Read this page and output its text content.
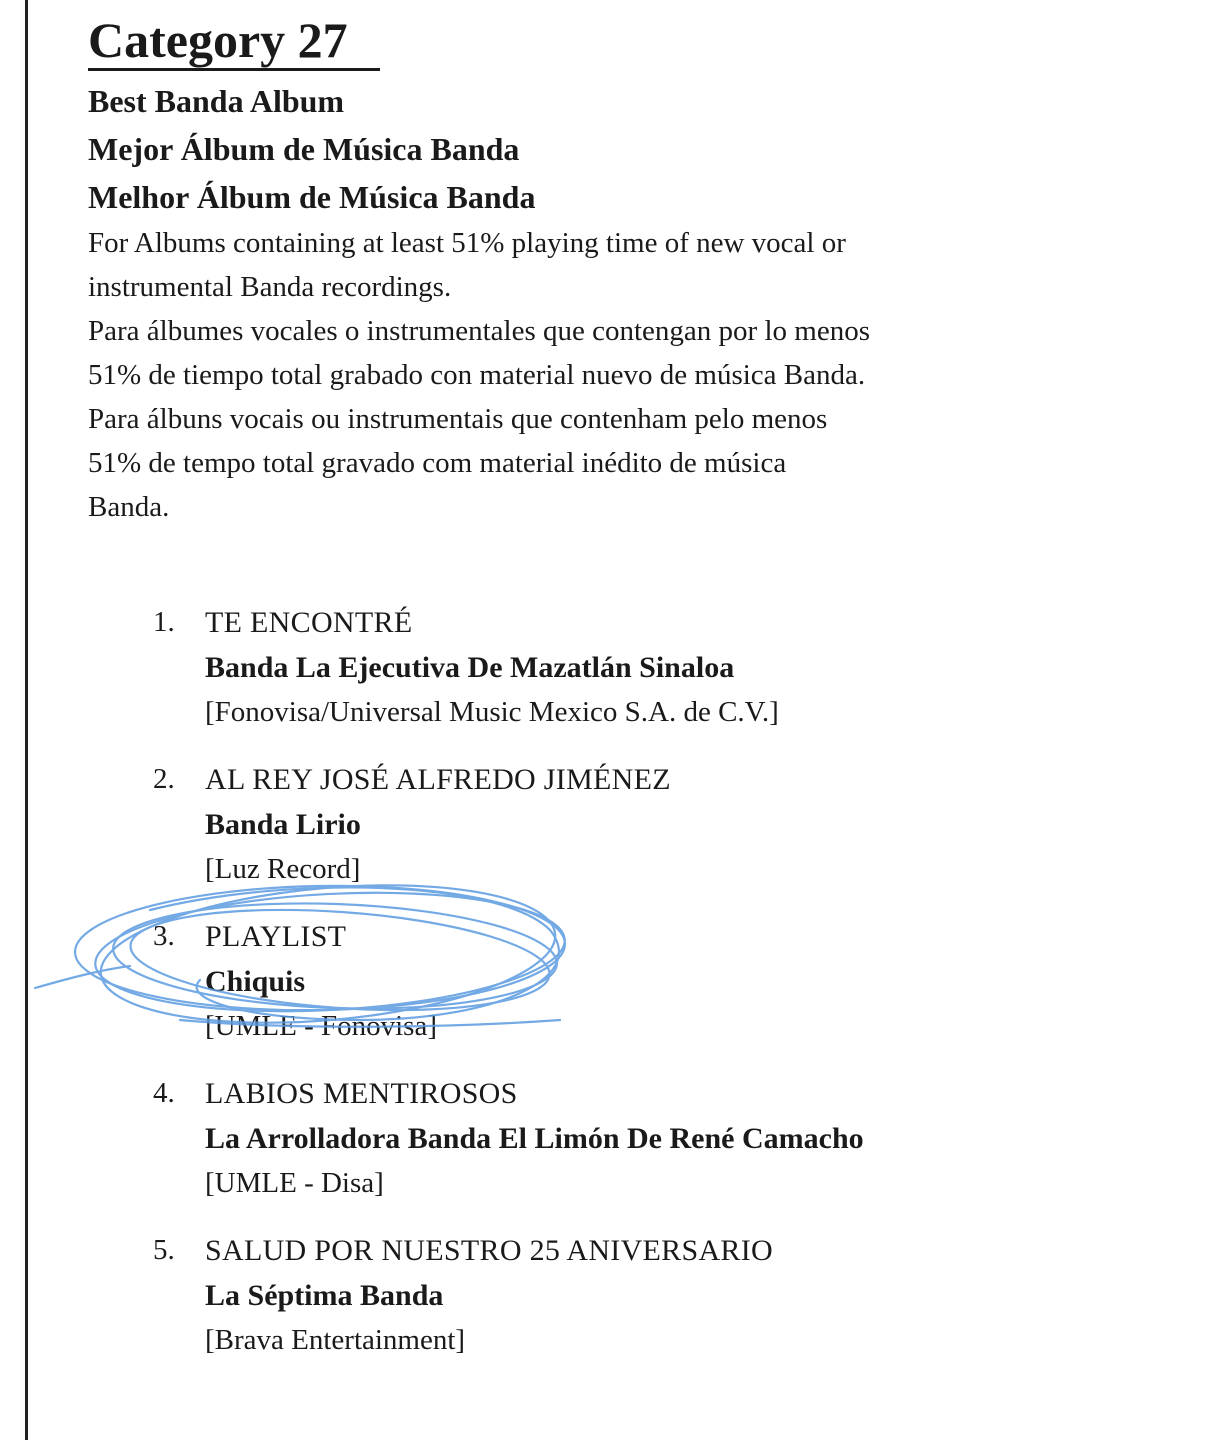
Category 27

Best Banda Album

Mejor Álbum de Música Banda

Melhor Álbum de Música Banda

For Albums containing at least 51% playing time of new vocal or

instrumental Banda recordings.

Para álbumes vocales o instrumentales que contengan por lo menos

51% de tiempo total grabado con material nuevo de música Banda.

Para álbuns vocais ou instrumentais que contenham pelo menos

51% de tempo total gravado com material inédito de música

Banda.

1. TE ENCONTRÉ
Banda La Ejecutiva De Mazatlán Sinaloa
[Fonovisa/Universal Music Mexico S.A. de C.V.]
2. AL REY JOSÉ ALFREDO JIMÉNEZ
Banda Lirio
[Luz Record]
3. PLAYLIST
Chiquis
[UMLE - Fonovisa]
4. LABIOS MENTIROSOS
La Arrolladora Banda El Limón De René Camacho
[UMLE - Disa]
5. SALUD POR NUESTRO 25 ANIVERSARIO
La Séptima Banda
[Brava Entertainment]
